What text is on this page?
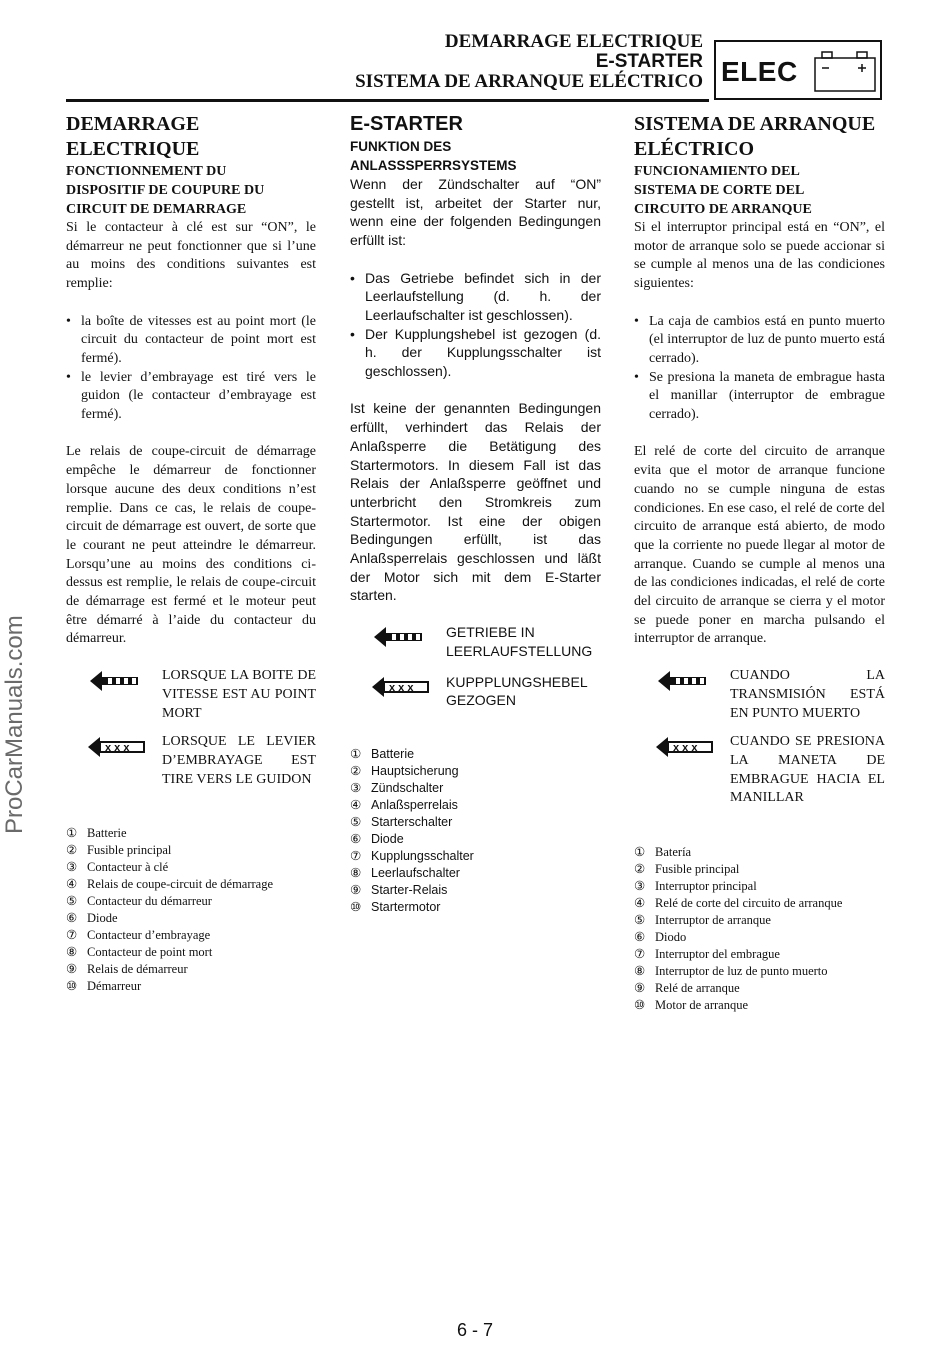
DEMARRAGE ELECTRIQUE
E-STARTER
SISTEMA DE ARRANQUE ELÉCTRICO ELEC
DEMARRAGE
ELECTRIQUE
FONCTIONNEMENT DU
DISPOSITIF DE COUPURE DU
CIRCUIT DE DEMARRAGE

Si le contacteur à clé est sur “ON”, le démarreur ne peut fonctionner que si l’une au moins des conditions suivantes est remplie:

• la boîte de vitesses est au point mort (le circuit du contacteur de point mort est fermé).
• le levier d’embrayage est tiré vers le guidon (le contacteur d’embrayage est fermé).

Le relais de coupe-circuit de démarrage empêche le démarreur de fonctionner lorsque aucune des deux conditions n’est remplie. Dans ce cas, le relais de coupe-circuit de démarrage est ouvert, de sorte que le courant ne peut atteindre le démarreur. Lorsqu’une au moins des conditions ci-dessus est remplie, le relais de coupe-circuit de démarrage est fermé et le moteur peut être démarré à l’aide du contacteur du démarreur.

LORSQUE LA BOITE DE VITESSE EST AU POINT MORT
x x x	LORSQUE LE LEVIER D’EMBRAYAGE EST TIRE VERS LE GUIDON
① Batterie
② Fusible principal
③ Contacteur à clé
④ Relais de coupe-circuit de démarrage
⑤ Contacteur du démarreur
⑥ Diode
⑦ Contacteur d’embrayage
⑧ Contacteur de point mort
⑨ Relais de démarreur
⑩ Démarreur
E-STARTER
FUNKTION DES
ANLASSSPERRSYSTEMS

Wenn der Zündschalter auf “ON” gestellt ist, arbeitet der Starter nur, wenn eine der folgenden Bedingungen erfüllt ist:

• Das Getriebe befindet sich in der Leerlaufstellung (d. h. der Leerlaufschalter ist geschlossen).
• Der Kupplungshebel ist gezogen (d. h. der Kupplungsschalter ist geschlossen).

Ist keine der genannten Bedingungen erfüllt, verhindert das Relais der Anlaßsperre die Betätigung des Startermotors. In diesem Fall ist das Relais der Anlaßsperre geöffnet und unterbricht den Stromkreis zum Startermotor. Ist eine der obigen Bedingungen erfüllt, ist das Anlaßsperrelais geschlossen und läßt der Motor sich mit dem E-Starter starten.

GETRIEBE IN LEERLAUFSTELLUNG
x x x	KUPPPLUNGSHEBEL GEZOGEN
① Batterie
② Hauptsicherung
③ Zündschalter
④ Anlaßsperrelais
⑤ Starterschalter
⑥ Diode
⑦ Kupplungsschalter
⑧ Leerlaufschalter
⑨ Starter-Relais
⑩ Startermotor
SISTEMA DE ARRANQUE
ELÉCTRICO
FUNCIONAMIENTO DEL
SISTEMA DE CORTE DEL
CIRCUITO DE ARRANQUE

Si el interruptor principal está en “ON”, el motor de arranque solo se puede accionar si se cumple al menos una de las condiciones siguientes:

• La caja de cambios está en punto muerto (el interruptor de luz de punto muerto está cerrado).
• Se presiona la maneta de embrague hasta el manillar (interruptor de embrague cerrado).

El relé de corte del circuito de arranque evita que el motor de arranque funcione cuando no se cumple ninguna de estas condiciones. En ese caso, el relé de corte del circuito de arranque está abierto, de modo que la corriente no puede llegar al motor de arranque. Cuando se cumple al menos una de las condiciones indicadas, el relé de corte del circuito de arranque se cierra y el motor se puede poner en marcha pulsando el interruptor de arranque.

CUANDO LA TRANSMISIÓN ESTÁ EN PUNTO MUERTO
x x x	CUANDO SE PRESIONA LA MANETA DE EMBRAGUE HACIA EL MANILLAR
① Batería
② Fusible principal
③ Interruptor principal
④ Relé de corte del circuito de arranque
⑤ Interruptor de arranque
⑥ Diodo
⑦ Interruptor del embrague
⑧ Interruptor de luz de punto muerto
⑨ Relé de arranque
⑩ Motor de arranque
ProCarManuals.com
6 - 7
